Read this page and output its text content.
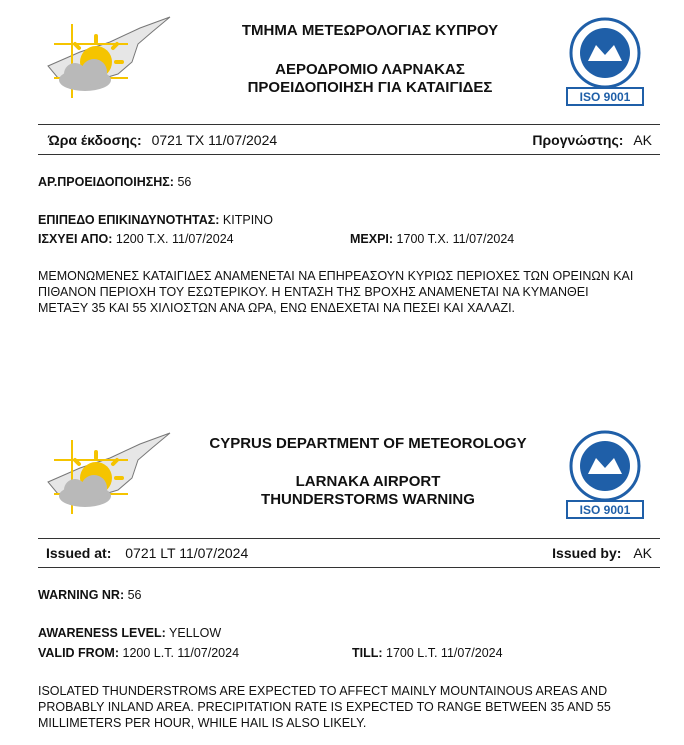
ΤΜΗΜΑ ΜΕΤΕΩΡΟΛΟΓΙΑΣ ΚΥΠΡΟΥ
ΑΕΡΟΔΡΟΜΙΟ ΛΑΡΝΑΚΑΣ
ΠΡΟΕΙΔΟΠΟΙΗΣΗ ΓΙΑ ΚΑΤΑΙΓΙΔΕΣ
ISO 9001
Ώρα έκδοσης: 0721 ΤΧ 11/07/2024	Προγνώστης: ΑΚ
ΑΡ.ΠΡΟΕΙΔΟΠΟΙΗΣΗΣ: 56
ΕΠΙΠΕΔΟ ΕΠΙΚΙΝΔΥΝΟΤΗΤΑΣ: ΚΙΤΡΙΝΟ
ΙΣΧΥΕΙ ΑΠΟ: 1200 Τ.Χ. 11/07/2024	ΜΕΧΡΙ: 1700 Τ.Χ. 11/07/2024
ΜΕΜΟΝΩΜΕΝΕΣ ΚΑΤΑΙΓΙΔΕΣ ΑΝΑΜΕΝΕΤΑΙ ΝΑ ΕΠΗΡΕΑΣΟΥΝ ΚΥΡΙΩΣ ΠΕΡΙΟΧΕΣ ΤΩΝ ΟΡΕΙΝΩΝ ΚΑΙ ΠΙΘΑΝΟΝ ΠΕΡΙΟΧΗ ΤΟΥ ΕΣΩΤΕΡΙΚΟΥ. Η ΕΝΤΑΣΗ ΤΗΣ ΒΡΟΧΗΣ ΑΝΑΜΕΝΕΤΑΙ ΝΑ ΚΥΜΑΝΘΕΙ ΜΕΤΑΞΥ 35 ΚΑΙ 55 ΧΙΛΙΟΣΤΩΝ ΑΝΑ ΩΡΑ, ΕΝΩ ΕΝΔΕΧΕΤΑΙ ΝΑ ΠΕΣΕΙ ΚΑΙ ΧΑΛΑΖΙ.
CYPRUS DEPARTMENT OF METEOROLOGY
LARNAKA AIRPORT
THUNDERSTORMS WARNING
ISO 9001
Issued at: 0721 LT 11/07/2024	Issued by: AK
WARNING NR: 56
AWARENESS LEVEL: YELLOW
VALID FROM: 1200 L.T. 11/07/2024	TILL: 1700 L.T. 11/07/2024
ISOLATED THUNDERSTROMS ARE EXPECTED TO AFFECT MAINLY MOUNTAINOUS AREAS AND PROBABLY INLAND AREA. PRECIPITATION RATE IS EXPECTED TO RANGE BETWEEN 35 AND 55 MILLIMETERS PER HOUR, WHILE HAIL IS ALSO LIKELY.
